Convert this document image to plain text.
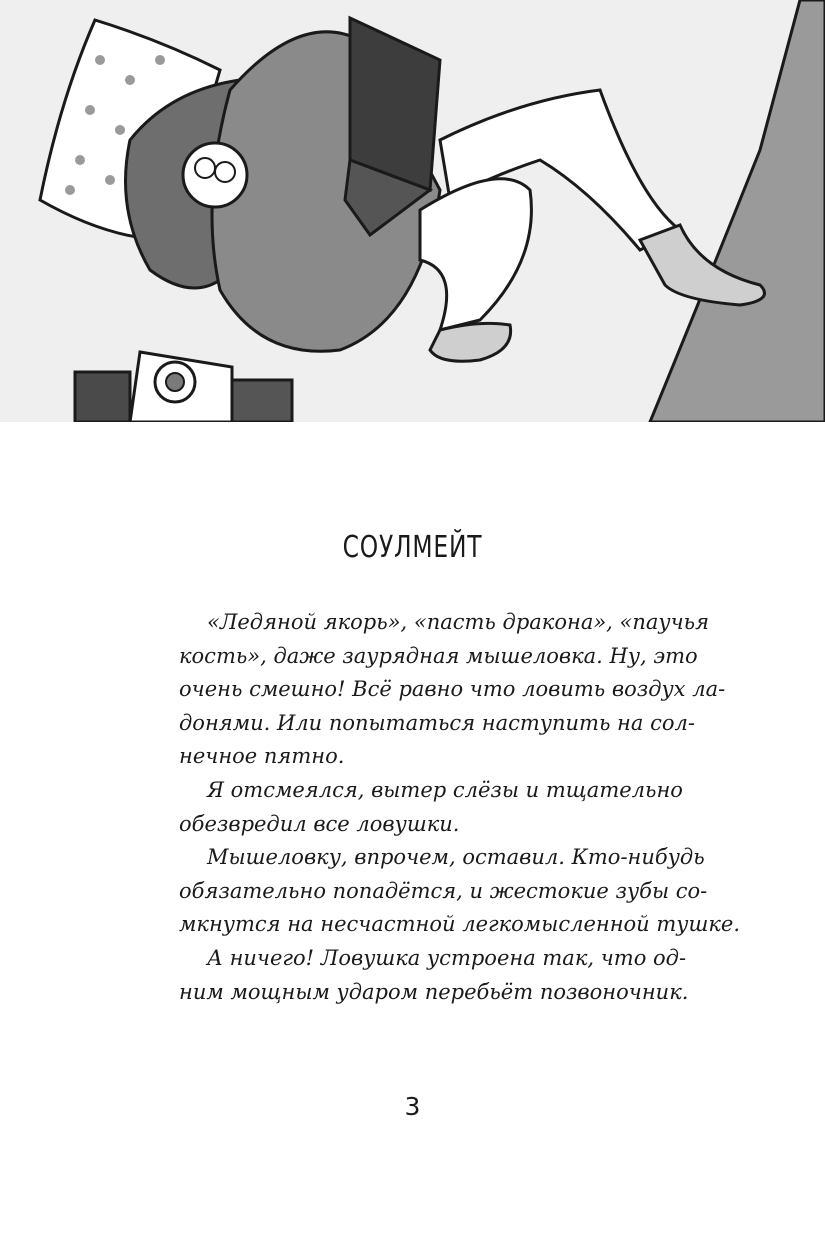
СОУЛМЕЙТ

«Ледяной якорь», «пасть дракона», «паучья
кость», даже заурядная мышеловка. Ну, это
очень смешно! Всё равно что ловить воздух ла-
донями. Или попытаться наступить на сол-
нечное пятно.

Я отсмеялся, вытер слёзы и тщательно
обезвредил все ловушки.

Мышеловку, впрочем, оставил. Кто-нибудь
обязательно попадётся, и жестокие зубы со-
мкнутся на несчастной легкомысленной тушке.

А ничего! Ловушка устроена так, что од-
ним мощным ударом перебьёт позвоночник.

3
